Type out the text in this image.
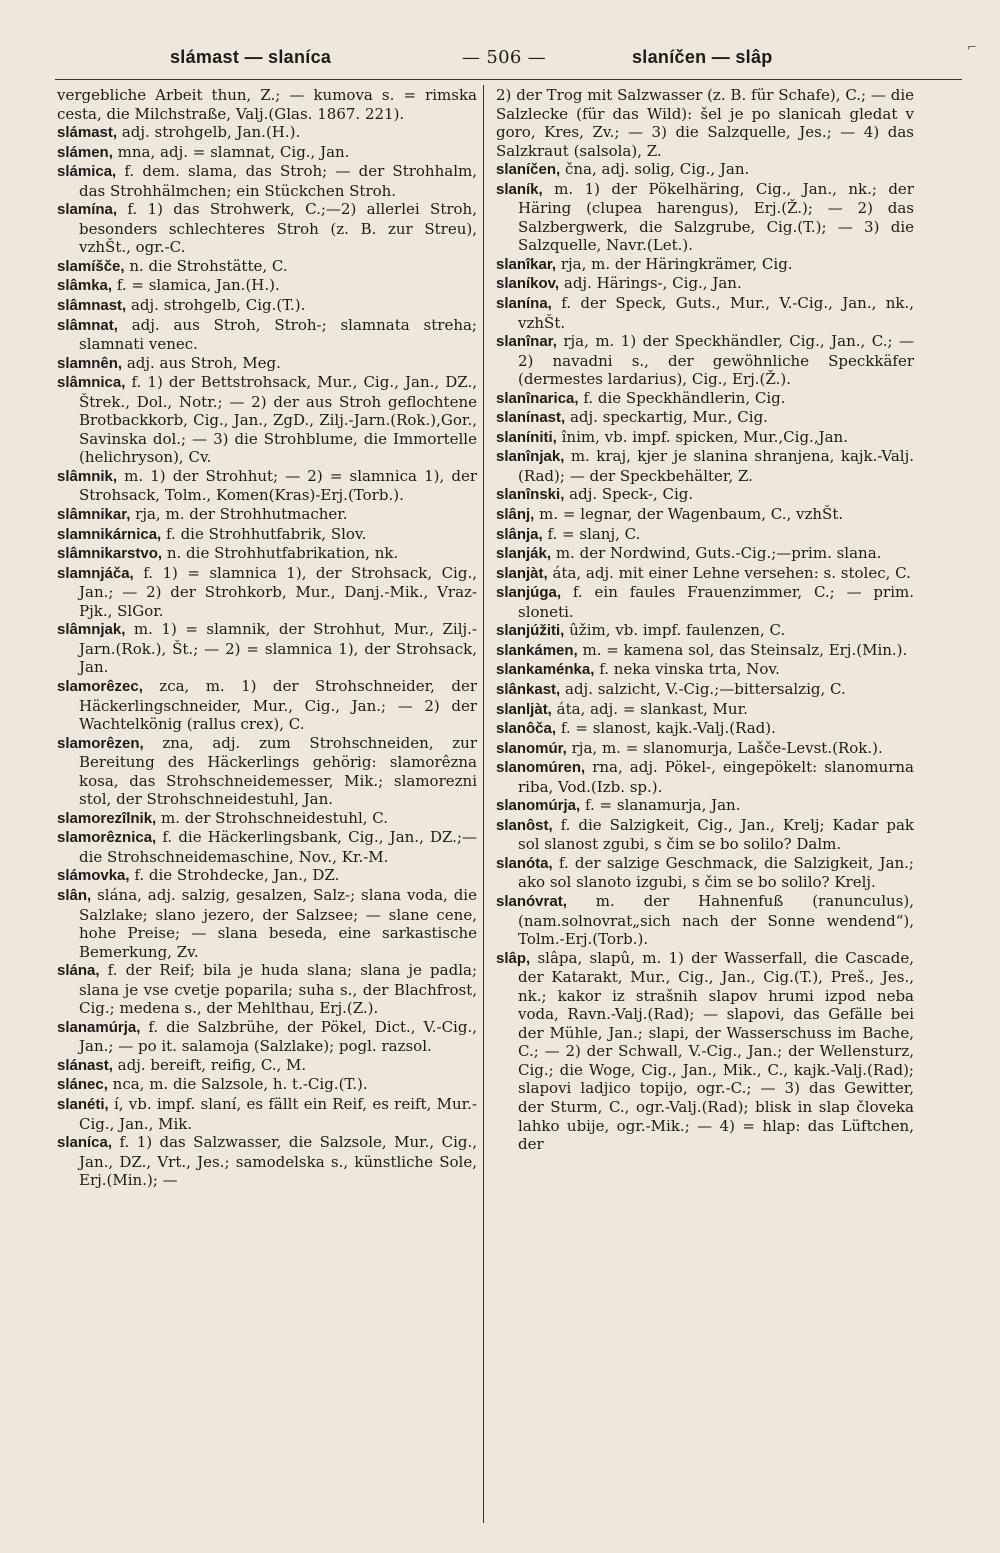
slámast — slaníca	— 506 —	slaníčen — slâp	⌐

vergebliche Arbeit thun, Z.; — kumova s. = rimska cesta, die Milchstraße, Valj.(Glas. 1867. 221).

slámast, adj. strohgelb, Jan.(H.).

slámen, mna, adj. = slamnat, Cig., Jan.

slámica, f. dem. slama, das Stroh; — der Strohhalm, das Strohhälmchen; ein Stückchen Stroh.

slamína, f. 1) das Strohwerk, C.;—2) allerlei Stroh, besonders schlechteres Stroh (z. B. zur Streu), vzhŠt., ogr.-C.

slamíšče, n. die Strohstätte, C.

slâmka, f. = slamica, Jan.(H.).

slâmnast, adj. strohgelb, Cig.(T.).

slâmnat, adj. aus Stroh, Stroh-; slamnata streha; slamnati venec.

slamnên, adj. aus Stroh, Meg.

slâmnica, f. 1) der Bettstrohsack, Mur., Cig., Jan., DZ., Štrek., Dol., Notr.; — 2) der aus Stroh geflochtene Brotbackkorb, Cig., Jan., ZgD., Zilj.-Jarn.(Rok.),Gor., Savinska dol.; — 3) die Strohblume, die Immortelle (helichryson), Cv.

slâmnik, m. 1) der Strohhut; — 2) = slamnica 1), der Strohsack, Tolm., Komen(Kras)-Erj.(Torb.).

slâmnikar, rja, m. der Strohhutmacher.

slamnikárnica, f. die Strohhutfabrik, Slov.

slâmnikarstvo, n. die Strohhutfabrikation, nk.

slamnjáča, f. 1) = slamnica 1), der Strohsack, Cig., Jan.; — 2) der Strohkorb, Mur., Danj.-Mik., Vraz-Pjk., SlGor.

slâmnjak, m. 1) = slamnik, der Strohhut, Mur., Zilj.-Jarn.(Rok.), Št.; — 2) = slamnica 1), der Strohsack, Jan.

slamorêzec, zca, m. 1) der Strohschneider, der Häckerlingschneider, Mur., Cig., Jan.; — 2) der Wachtelkönig (rallus crex), C.

slamorêzen, zna, adj. zum Strohschneiden, zur Bereitung des Häckerlings gehörig: slamorêzna kosa, das Strohschneidemesser, Mik.; slamorezni stol, der Strohschneidestuhl, Jan.

slamorezîlnik, m. der Strohschneidestuhl, C.

slamorêznica, f. die Häckerlingsbank, Cig., Jan., DZ.;—die Strohschneidemaschine, Nov., Kr.-M.

slámovka, f. die Strohdecke, Jan., DZ.

slân, slána, adj. salzig, gesalzen, Salz-; slana voda, die Salzlake; slano jezero, der Salzsee; — slane cene, hohe Preise; — slana beseda, eine sarkastische Bemerkung, Zv.

slána, f. der Reif; bila je huda slana; slana je padla; slana je vse cvetje poparila; suha s., der Blachfrost, Cig.; medena s., der Mehlthau, Erj.(Z.).

slanamúrja, f. die Salzbrühe, der Pökel, Dict., V.-Cig., Jan.; — po it. salamoja (Salzlake); pogl. razsol.

slánast, adj. bereift, reifig, C., M.

slánec, nca, m. die Salzsole, h. t.-Cig.(T.).

slanéti, í, vb. impf. slaní, es fällt ein Reif, es reift, Mur.-Cig., Jan., Mik.

slaníca, f. 1) das Salzwasser, die Salzsole, Mur., Cig., Jan., DZ., Vrt., Jes.; samodelska s., künstliche Sole, Erj.(Min.); —

2) der Trog mit Salzwasser (z. B. für Schafe), C.; — die Salzlecke (für das Wild): šel je po slanicah gledat v goro, Kres, Zv.; — 3) die Salzquelle, Jes.; — 4) das Salzkraut (salsola), Z.

slaníčen, čna, adj. solig, Cig., Jan.

slaník, m. 1) der Pökelhäring, Cig., Jan., nk.; der Häring (clupea harengus), Erj.(Ž.); — 2) das Salzbergwerk, die Salzgrube, Cig.(T.); — 3) die Salzquelle, Navr.(Let.).

slanîkar, rja, m. der Häringkrämer, Cig.

slaníkov, adj. Härings-, Cig., Jan.

slanína, f. der Speck, Guts., Mur., V.-Cig., Jan., nk., vzhŠt.

slanînar, rja, m. 1) der Speckhändler, Cig., Jan., C.; — 2) navadni s., der gewöhnliche Speckkäfer (dermestes lardarius), Cig., Erj.(Ž.).

slanînarica, f. die Speckhändlerin, Cig.

slanínast, adj. speckartig, Mur., Cig.

slaníniti, înim, vb. impf. spicken, Mur.,Cig.,Jan.

slanînjak, m. kraj, kjer je slanina shranjena, kajk.-Valj.(Rad); — der Speckbehälter, Z.

slanînski, adj. Speck-, Cig.

slânj, m. = legnar, der Wagenbaum, C., vzhŠt.

slânja, f. = slanj, C.

slanják, m. der Nordwind, Guts.-Cig.;—prim. slana.

slanjàt, áta, adj. mit einer Lehne versehen: s. stolec, C.

slanjúga, f. ein faules Frauenzimmer, C.; — prim. sloneti.

slanjúžiti, ûžim, vb. impf. faulenzen, C.

slankámen, m. = kamena sol, das Steinsalz, Erj.(Min.).

slankaménka, f. neka vinska trta, Nov.

slânkast, adj. salzicht, V.-Cig.;—bittersalzig, C.

slanljàt, áta, adj. = slankast, Mur.

slanôča, f. = slanost, kajk.-Valj.(Rad).

slanomúr, rja, m. = slanomurja, Lašče-Levst.(Rok.).

slanomúren, rna, adj. Pökel-, eingepökelt: slanomurna riba, Vod.(Izb. sp.).

slanomúrja, f. = slanamurja, Jan.

slanôst, f. die Salzigkeit, Cig., Jan., Krelj; Kadar pak sol slanost zgubi, s čim se bo solilo? Dalm.

slanóta, f. der salzige Geschmack, die Salzigkeit, Jan.; ako sol slanoto izgubi, s čim se bo solilo? Krelj.

slanóvrat, m. der Hahnenfuß (ranunculus), (nam.solnovrat„sich nach der Sonne wendend“), Tolm.-Erj.(Torb.).

slâp, slâpa, slapû, m. 1) der Wasserfall, die Cascade, der Katarakt, Mur., Cig., Jan., Cig.(T.), Preš., Jes., nk.; kakor iz strašnih slapov hrumi izpod neba voda, Ravn.-Valj.(Rad); — slapovi, das Gefälle bei der Mühle, Jan.; slapi, der Wasserschuss im Bache, C.; — 2) der Schwall, V.-Cig., Jan.; der Wellensturz, Cig.; die Woge, Cig., Jan., Mik., C., kajk.-Valj.(Rad); slapovi ladjico topijo, ogr.-C.; — 3) das Gewitter, der Sturm, C., ogr.-Valj.(Rad); blisk in slap človeka lahko ubije, ogr.-Mik.; — 4) = hlap: das Lüftchen, der
